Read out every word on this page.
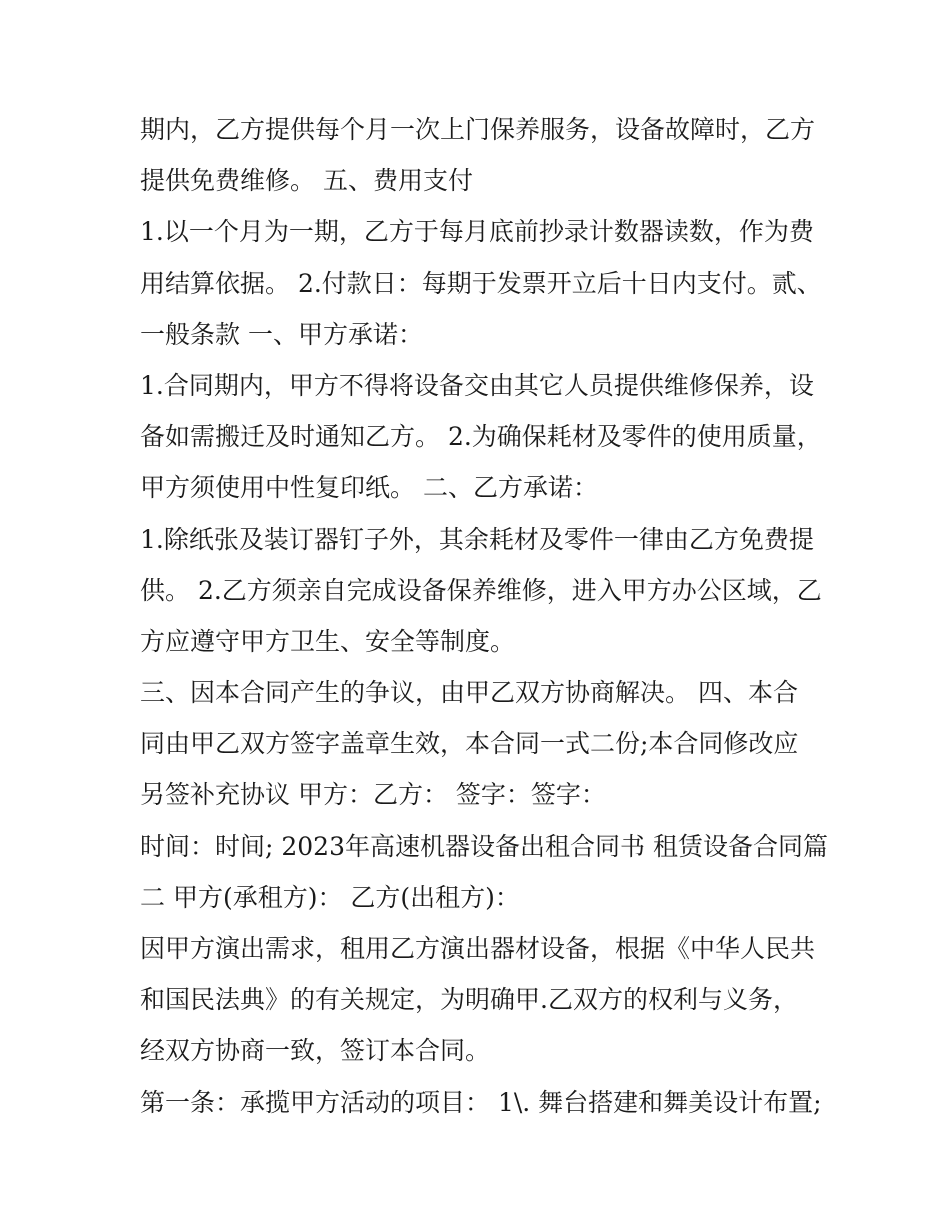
期内，乙方提供每个月一次上门保养服务，设备故障时，乙方
提供免费维修。 五、费用支付
1.以一个月为一期，乙方于每月底前抄录计数器读数，作为费
用结算依据。 2.付款日：每期于发票开立后十日内支付。贰、
一般条款 一、甲方承诺：
1.合同期内，甲方不得将设备交由其它人员提供维修保养，设
备如需搬迁及时通知乙方。 2.为确保耗材及零件的使用质量，
甲方须使用中性复印纸。 二、乙方承诺：
1.除纸张及装订器钉子外，其余耗材及零件一律由乙方免费提
供。 2.乙方须亲自完成设备保养维修，进入甲方办公区域，乙
方应遵守甲方卫生、安全等制度。
三、因本合同产生的争议，由甲乙双方协商解决。 四、本合
同由甲乙双方签字盖章生效，本合同一式二份;本合同修改应
另签补充协议 甲方：乙方： 签字：签字：
时间：时间; 2023年高速机器设备出租合同书 租赁设备合同篇
二 甲方(承租方)： 乙方(出租方)：
因甲方演出需求，租用乙方演出器材设备，根据《中华人民共
和国民法典》的有关规定，为明确甲.乙双方的权利与义务，
经双方协商一致，签订本合同。
第一条：承揽甲方活动的项目： 1\. 舞台搭建和舞美设计布置;
